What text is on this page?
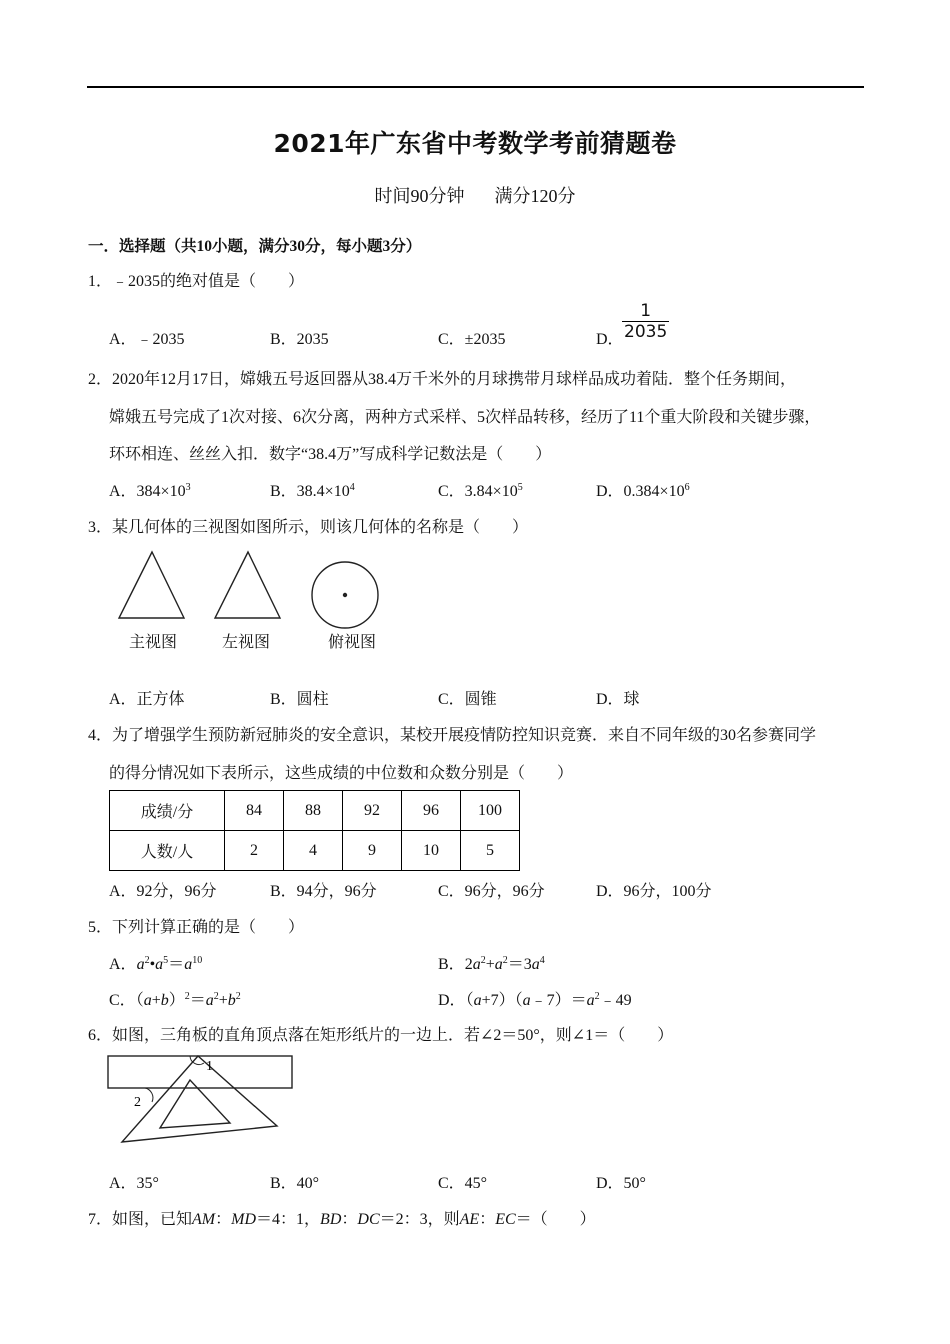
2021年广东省中考数学考前猜题卷
时间90分钟 满分120分
一．选择题（共10小题，满分30分，每小题3分）
1．﹣2035的绝对值是（　　）
A．﹣2035	B．2035	C．±2035	D．
$\frac{1}{2035}$
2．2020年12月17日，嫦娥五号返回器从38.4万千米外的月球携带月球样品成功着陆．整个任务期间，
嫦娥五号完成了1次对接、6次分离，两种方式采样、5次样品转移，经历了11个重大阶段和关键步骤，
环环相连、丝丝入扣．数字“38.4万”写成科学记数法是（　　）
A．$384\times 10^3$	B．$38.4\times 10^4$	C．$3.84\times 10^5$	D．$0.384\times 10^6$
3．某几何体的三视图如图所示，则该几何体的名称是（　　）
主视图	左视图	俯视图
A．正方体	B．圆柱	C．圆锥	D．球
4．为了增强学生预防新冠肺炎的安全意识，某校开展疫情防控知识竞赛．来自不同年级的30名参赛同学
的得分情况如下表所示，这些成绩的中位数和众数分别是（　　）
成绩/分	84	88	92	96	100
人数/人	2	4	9	10	5
A．92分，96分	B．94分，96分	C．96分，96分	D．96分，100分
5．下列计算正确的是（　　）
A．$a^2•a^5=a^{10}$	B．$2a^2+a^2=3a^4$
C．$(a+b)^2=a^2+b^2$	D．$(a+7)(a﹣7)=a^2﹣49$
6．如图，三角板的直角顶点落在矩形纸片的一边上．若∠2＝50°，则∠1＝（　　）
1
2
A．35°	B．40°	C．45°	D．50°
7．如图，已知AM：MD＝4：1，BD：DC＝2：3，则AE：EC＝（　　）
